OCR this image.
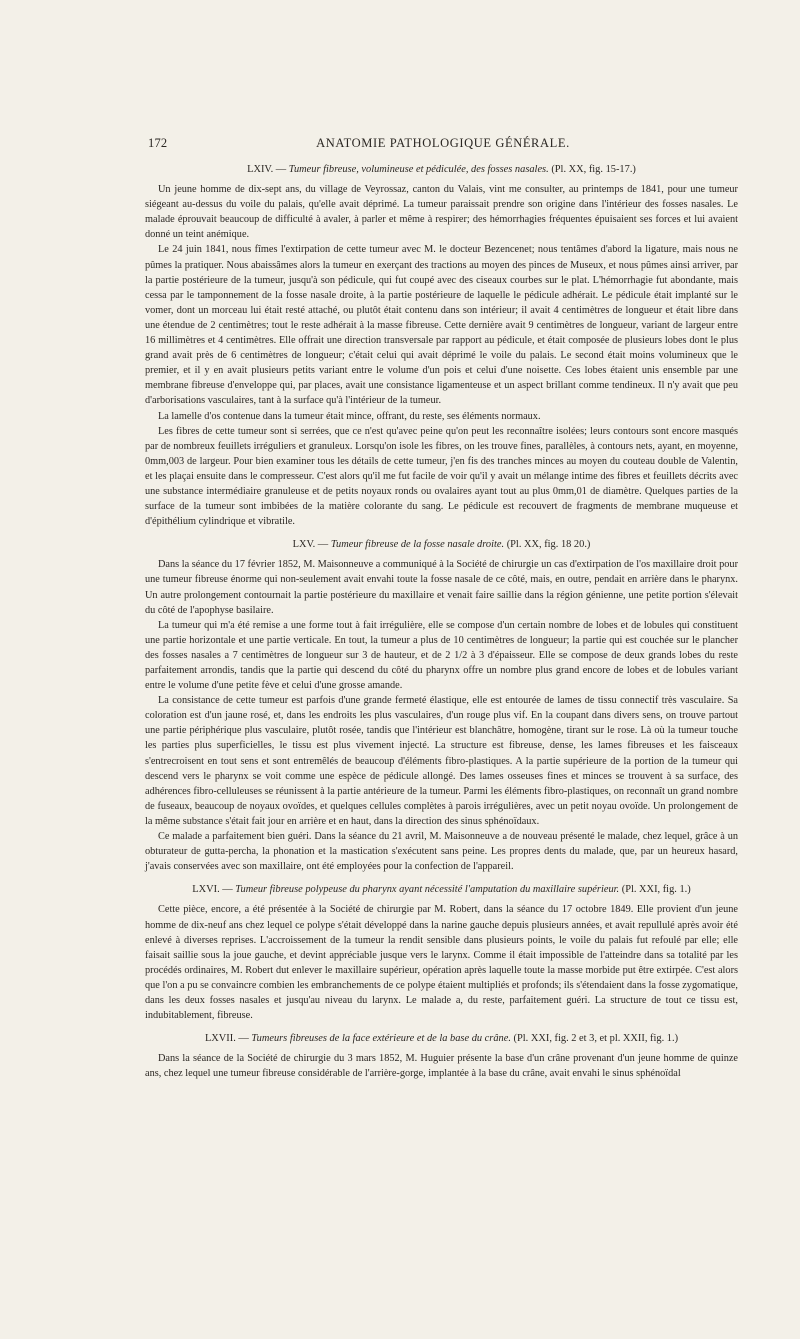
172	ANATOMIE PATHOLOGIQUE GÉNÉRALE.
LXIV. — Tumeur fibreuse, volumineuse et pédiculée, des fosses nasales. (Pl. XX, fig. 15-17.)

Un jeune homme de dix-sept ans, du village de Veyrossaz, canton du Valais, vint me consulter, au printemps de 1841, pour une tumeur siégeant au-dessus du voile du palais, qu'elle avait déprimé. La tumeur paraissait prendre son origine dans l'intérieur des fosses nasales. Le malade éprouvait beaucoup de difficulté à avaler, à parler et même à respirer; des hémorrhagies fréquentes épuisaient ses forces et lui avaient donné un teint anémique.

Le 24 juin 1841, nous fîmes l'extirpation de cette tumeur avec M. le docteur Bezencenet; nous tentâmes d'abord la ligature, mais nous ne pûmes la pratiquer. Nous abaissâmes alors la tumeur en exerçant des tractions au moyen des pinces de Museux, et nous pûmes ainsi arriver, par la partie postérieure de la tumeur, jusqu'à son pédicule, qui fut coupé avec des ciseaux courbes sur le plat. L'hémorrhagie fut abondante, mais cessa par le tamponnement de la fosse nasale droite, à la partie postérieure de laquelle le pédicule adhérait. Le pédicule était implanté sur le vomer, dont un morceau lui était resté attaché, ou plutôt était contenu dans son intérieur; il avait 4 centimètres de longueur et était libre dans une étendue de 2 centimètres; tout le reste adhérait à la masse fibreuse. Cette dernière avait 9 centimètres de longueur, variant de largeur entre 16 millimètres et 4 centimètres. Elle offrait une direction transversale par rapport au pédicule, et était composée de plusieurs lobes dont le plus grand avait près de 6 centimètres de longueur; c'était celui qui avait déprimé le voile du palais. Le second était moins volumineux que le premier, et il y en avait plusieurs petits variant entre le volume d'un pois et celui d'une noisette. Ces lobes étaient unis ensemble par une membrane fibreuse d'enveloppe qui, par places, avait une consistance ligamenteuse et un aspect brillant comme tendineux. Il n'y avait que peu d'arborisations vasculaires, tant à la surface qu'à l'intérieur de la tumeur.

La lamelle d'os contenue dans la tumeur était mince, offrant, du reste, ses éléments normaux.

Les fibres de cette tumeur sont si serrées, que ce n'est qu'avec peine qu'on peut les reconnaître isolées; leurs contours sont encore masqués par de nombreux feuillets irréguliers et granuleux. Lorsqu'on isole les fibres, on les trouve fines, parallèles, à contours nets, ayant, en moyenne, 0mm,003 de largeur. Pour bien examiner tous les détails de cette tumeur, j'en fis des tranches minces au moyen du couteau double de Valentin, et les plaçai ensuite dans le compresseur. C'est alors qu'il me fut facile de voir qu'il y avait un mélange intime des fibres et feuillets décrits avec une substance intermédiaire granuleuse et de petits noyaux ronds ou ovalaires ayant tout au plus 0mm,01 de diamètre. Quelques parties de la surface de la tumeur sont imbibées de la matière colorante du sang. Le pédicule est recouvert de fragments de membrane muqueuse et d'épithélium cylindrique et vibratile.

LXV. — Tumeur fibreuse de la fosse nasale droite. (Pl. XX, fig. 18 20.)

Dans la séance du 17 février 1852, M. Maisonneuve a communiqué à la Société de chirurgie un cas d'extirpation de l'os maxillaire droit pour une tumeur fibreuse énorme qui non-seulement avait envahi toute la fosse nasale de ce côté, mais, en outre, pendait en arrière dans le pharynx. Un autre prolongement contournait la partie postérieure du maxillaire et venait faire saillie dans la région génienne, une petite portion s'élevait du côté de l'apophyse basilaire.

La tumeur qui m'a été remise a une forme tout à fait irrégulière, elle se compose d'un certain nombre de lobes et de lobules qui constituent une partie horizontale et une partie verticale. En tout, la tumeur a plus de 10 centimètres de longueur; la partie qui est couchée sur le plancher des fosses nasales a 7 centimètres de longueur sur 3 de hauteur, et de 2 1/2 à 3 d'épaisseur. Elle se compose de deux grands lobes du reste parfaitement arrondis, tandis que la partie qui descend du côté du pharynx offre un nombre plus grand encore de lobes et de lobules variant entre le volume d'une petite fève et celui d'une grosse amande.

La consistance de cette tumeur est parfois d'une grande fermeté élastique, elle est entourée de lames de tissu connectif très vasculaire. Sa coloration est d'un jaune rosé, et, dans les endroits les plus vasculaires, d'un rouge plus vif. En la coupant dans divers sens, on trouve partout une partie périphérique plus vasculaire, plutôt rosée, tandis que l'intérieur est blanchâtre, homogène, tirant sur le rose. Là où la tumeur touche les parties plus superficielles, le tissu est plus vivement injecté. La structure est fibreuse, dense, les lames fibreuses et les faisceaux s'entrecroisent en tout sens et sont entremêlés de beaucoup d'éléments fibro-plastiques. A la partie supérieure de la portion de la tumeur qui descend vers le pharynx se voit comme une espèce de pédicule allongé. Des lames osseuses fines et minces se trouvent à sa surface, des adhérences fibro-celluleuses se réunissent à la partie antérieure de la tumeur. Parmi les éléments fibro-plastiques, on reconnaît un grand nombre de fuseaux, beaucoup de noyaux ovoïdes, et quelques cellules complètes à parois irrégulières, avec un petit noyau ovoïde. Un prolongement de la même substance s'était fait jour en arrière et en haut, dans la direction des sinus sphénoïdaux.

Ce malade a parfaitement bien guéri. Dans la séance du 21 avril, M. Maisonneuve a de nouveau présenté le malade, chez lequel, grâce à un obturateur de gutta-percha, la phonation et la mastication s'exécutent sans peine. Les propres dents du malade, que, par un heureux hasard, j'avais conservées avec son maxillaire, ont été employées pour la confection de l'appareil.

LXVI. — Tumeur fibreuse polypeuse du pharynx ayant nécessité l'amputation du maxillaire supérieur. (Pl. XXI, fig. 1.)

Cette pièce, encore, a été présentée à la Société de chirurgie par M. Robert, dans la séance du 17 octobre 1849. Elle provient d'un jeune homme de dix-neuf ans chez lequel ce polype s'était développé dans la narine gauche depuis plusieurs années, et avait repullulé après avoir été enlevé à diverses reprises. L'accroissement de la tumeur la rendit sensible dans plusieurs points, le voile du palais fut refoulé par elle; elle faisait saillie sous la joue gauche, et devint appréciable jusque vers le larynx. Comme il était impossible de l'atteindre dans sa totalité par les procédés ordinaires, M. Robert dut enlever le maxillaire supérieur, opération après laquelle toute la masse morbide put être extirpée. C'est alors que l'on a pu se convaincre combien les embranchements de ce polype étaient multipliés et profonds; ils s'étendaient dans la fosse zygomatique, dans les deux fosses nasales et jusqu'au niveau du larynx. Le malade a, du reste, parfaitement guéri. La structure de tout ce tissu est, indubitablement, fibreuse.

LXVII. — Tumeurs fibreuses de la face extérieure et de la base du crâne. (Pl. XXI, fig. 2 et 3, et pl. XXII, fig. 1.)

Dans la séance de la Société de chirurgie du 3 mars 1852, M. Huguier présente la base d'un crâne provenant d'un jeune homme de quinze ans, chez lequel une tumeur fibreuse considérable de l'arrière-gorge, implantée à la base du crâne, avait envahi le sinus sphénoïdal
